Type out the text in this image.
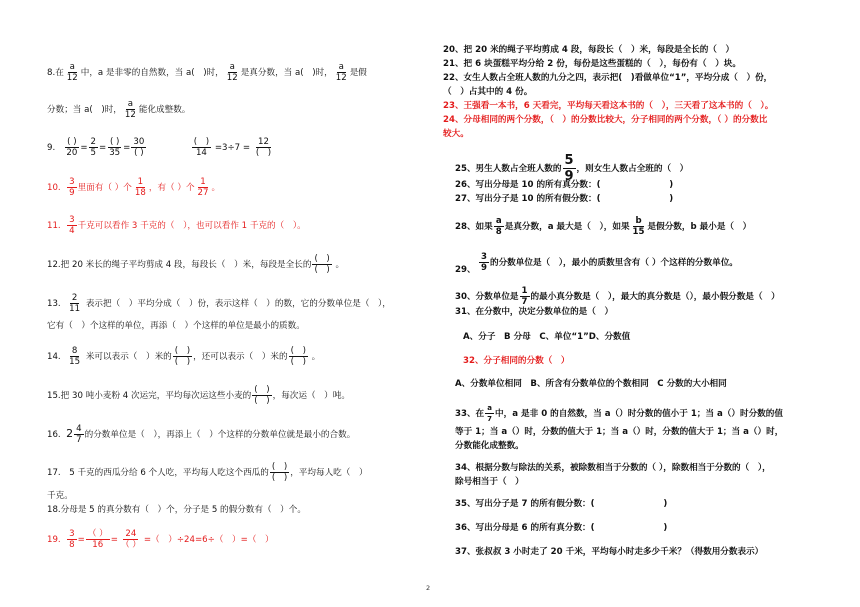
8.在 $\frac{a}{12}$ 中，a 是非零的自然数，当 a(　)时， $\frac{a}{12}$ 是真分数，当 a(　)时， $\frac{a}{12}$ 是假
分数；当 a(　)时， $\frac{a}{12}$ 能化成整数。
9.
( )
$20 = \frac{2}{5}$ =
( )
35 =
30
( )

(　)
14 =3÷7 =
12
(　)
10. $\frac{3}{9}$ 里面有（ ）个 $\frac{1}{18}$ ，有（ ）个 $\frac{1}{27}$ 。
11. $\frac{3}{4}$ 千克可以看作 3 千克的（　），也可以看作 1 千克的（　）。
12.把 20 米长的绳子平均剪成 4 段，每段长（　）米，每段是全长的
(　)
(　) 。
13. $\frac{2}{11}$ 表示把（　）平均分成（　）份，表示这样（　）的数，它的分数单位是（　），
它有（　）个这样的单位，再添（　）个这样的单位是最小的质数。
14. $\frac{8}{15}$ 米可以表示（　）米的
(　)
(　) ，还可以表示（　）米的
(　)
(　) 。
15.把 30 吨小麦粉 4 次运完，平均每次运这些小麦的
(　)
(　) ，每次运（　）吨。
16. $2 \frac{4}{7}$ 的分数单位是（　），再添上（　）个这样的分数单位就是最小的合数。
17.　5 千克的西瓜分给 6 个人吃，平均每人吃这个西瓜的
(　)
(　) ，平均每人吃（　）
千克。
18.分母是 5 的真分数有（　）个，分子是 5 的假分数有（　）个。
19. $\frac{3}{8}$ =
（ ）
16 =
24
（ ） =（　）÷24=6÷（　）=（　）
20、把 20 米的绳子平均剪成 4 段，每段长（　）米，每段是全长的（　）
21、把 6 块蛋糕平均分给 2 份，每份是这些蛋糕的（　），每份有（　）块。
22、女生人数占全班人数的九分之四，表示把(　)看做单位“1”，平均分成（　）份，
（　）占其中的 4 份。
23、王强看一本书，6 天看完，平均每天看这本书的（　），三天看了这本书的（　）。
24、分母相同的两个分数，（　）的分数比较大，分子相同的两个分数，（ ）的分数比
较大。
25、男生人数占全班人数的 $\frac{5}{9}$ ，则女生人数占全班的（　）
26、写出分母是 10 的所有真分数：(　　　　　　　　)
27、写出分子是 10 的所有假分数：(　　　　　　　　)
28、如果 $\frac{a}{8}$ 是真分数，a 最大是（　），如果 $\frac{b}{15}$ 是假分数，b 最小是（　）
$\frac{3}{9}$ 的分数单位是（　），最小的质数里含有（ ）个这样的分数单位。
29、
30、分数单位是 $\frac{1}{7}$ 的最小真分数是（　），最大的真分数是（），最小假分数是（　）
31、在分数中，决定分数单位的是（　）
A、分子　B 分母　C、单位“1”D、分数值
32、分子相同的分数（　）
A、分数单位相同　B、所含有分数单位的个数相同　C 分数的大小相同
33、在 $\frac{a}{7}$ 中，a 是非 0 的自然数，当 a（）时分数的值小于 1；当 a（）时分数的值
等于 1；当 a（）时，分数的值大于 1；当 a（）时，分数的值大于 1；当 a（）时，
分数能化成整数。
34、根据分数与除法的关系，被除数相当于分数的（ ），除数相当于分数的（　），
除号相当于（　）
35、写出分子是 7 的所有假分数：(　　　　　　　　)
36、写出分母是 6 的所有真分数：(　　　　　　　　)
37、张叔叔 3 小时走了 20 千米，平均每小时走多少千米？（得数用分数表示）
2
